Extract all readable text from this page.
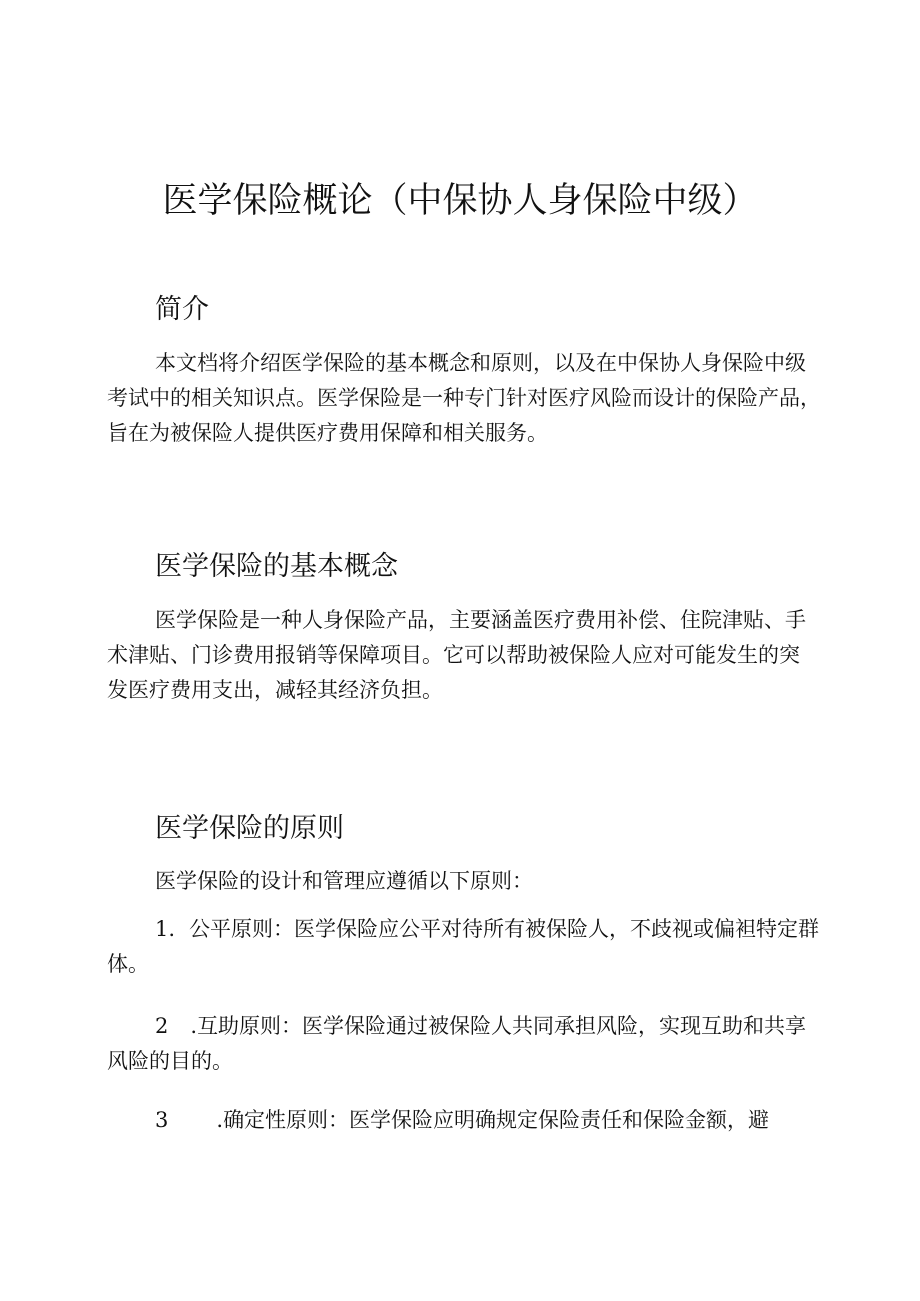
医学保险概论（中保协人身保险中级）
简介
本文档将介绍医学保险的基本概念和原则，以及在中保协人身保险中级
考试中的相关知识点。医学保险是一种专门针对医疗风险而设计的保险产品，
旨在为被保险人提供医疗费用保障和相关服务。
医学保险的基本概念
医学保险是一种人身保险产品，主要涵盖医疗费用补偿、住院津贴、手
术津贴、门诊费用报销等保障项目。它可以帮助被保险人应对可能发生的突
发医疗费用支出，减轻其经济负担。
医学保险的原则
医学保险的设计和管理应遵循以下原则：
1. 公平原则：医学保险应公平对待所有被保险人，不歧视或偏袒特定群
体。
2 .互助原则：医学保险通过被保险人共同承担风险，实现互助和共享
风险的目的。
3 .确定性原则：医学保险应明确规定保险责任和保险金额，避
